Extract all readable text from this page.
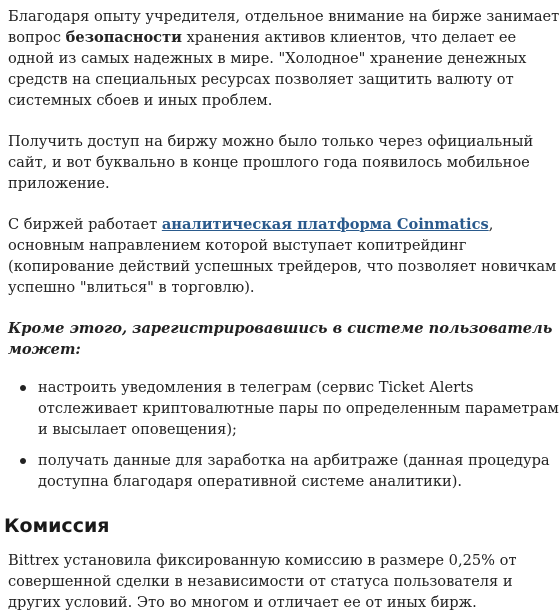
Благодаря опыту учредителя, отдельное внимание на бирже занимает вопрос безопасности хранения активов клиентов, что делает ее одной из самых надежных в мире. "Холодное" хранение денежных средств на специальных ресурсах позволяет защитить валюту от системных сбоев и иных проблем.

Получить доступ на биржу можно было только через официальный сайт, и вот буквально в конце прошлого года появилось мобильное приложение.

С биржей работает аналитическая платформа Coinmatics, основным направлением которой выступает копитрейдинг (копирование действий успешных трейдеров, что позволяет новичкам успешно "влиться" в торговлю).

Кроме этого, зарегистрировавшись в системе пользователь может:

настроить уведомления в телеграм (сервис Ticket Alerts отслеживает криптовалютные пары по определенным параметрам и высылает оповещения);
получать данные для заработка на арбитраже (данная процедура доступна благодаря оперативной системе аналитики).
Комиссия

Bittrex установила фиксированную комиссию в размере 0,25% от совершенной сделки в независимости от статуса пользователя и других условий. Это во многом и отличает ее от иных бирж.
